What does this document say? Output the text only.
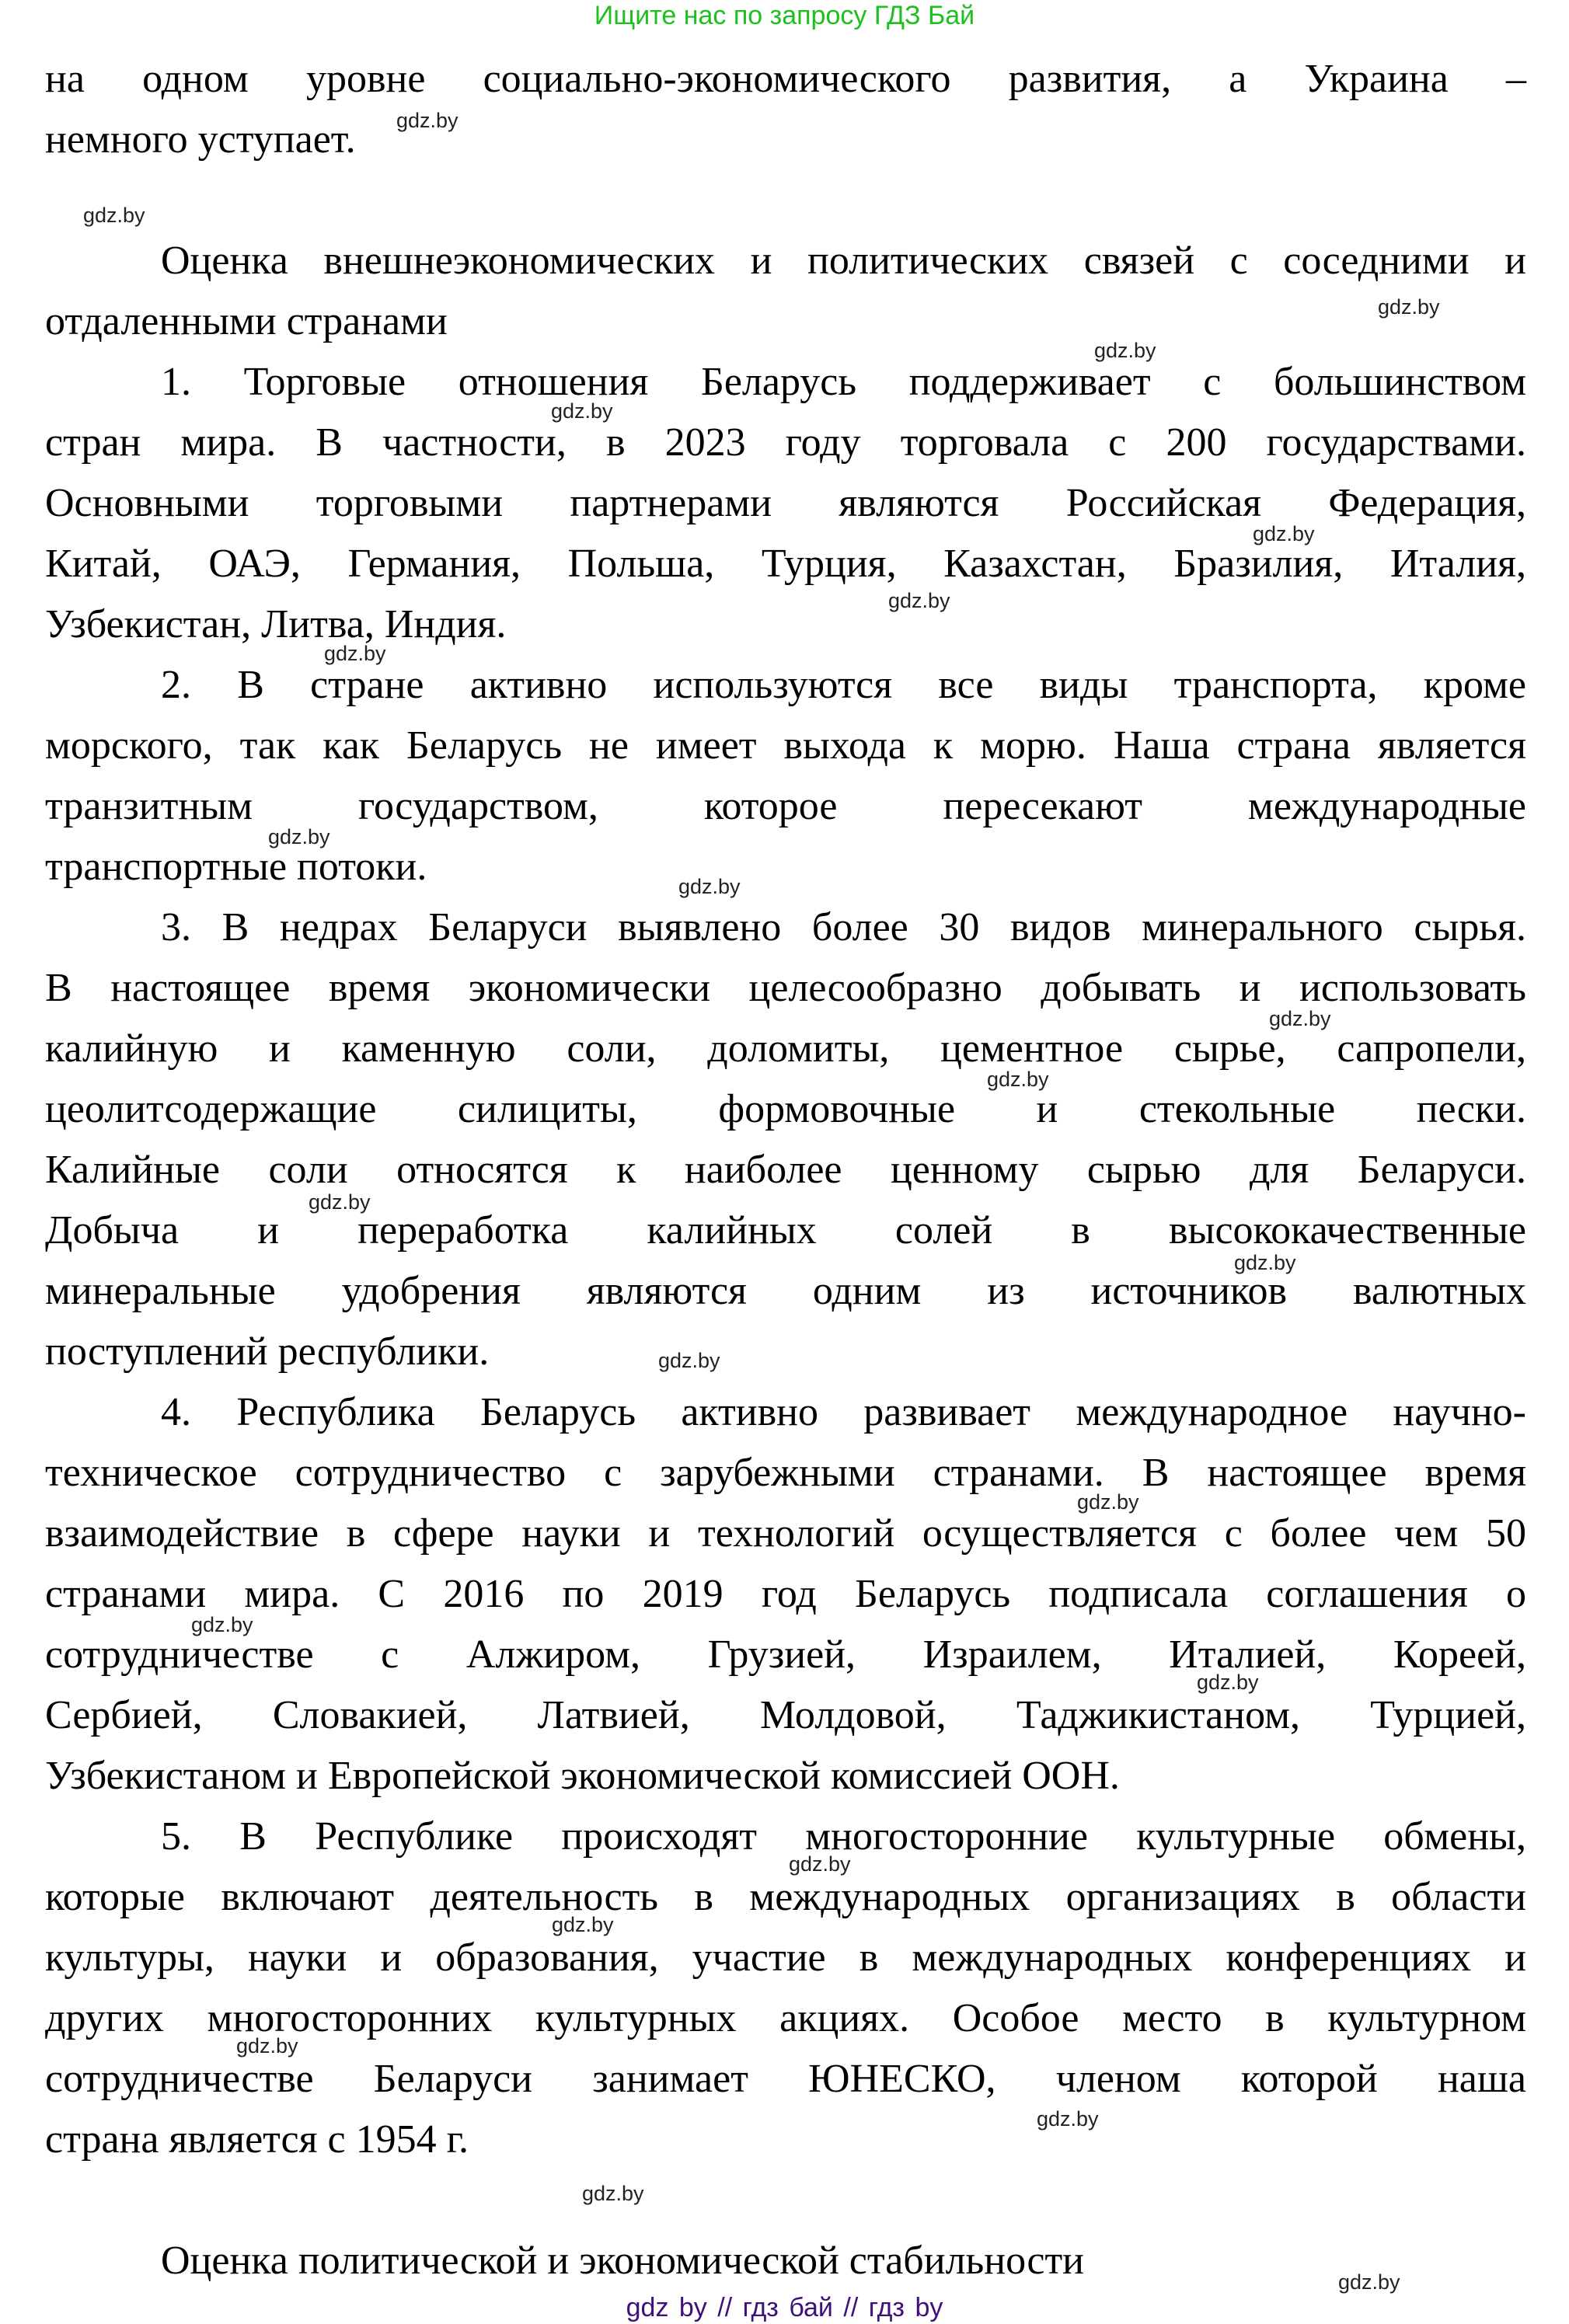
Ищите нас по запросу ГДЗ Бай
на одном уровне социально-экономического развития, а Украина –
немного уступает.
Оценка внешнеэкономических и политических связей с соседними и
отдаленными странами
1. Торговые отношения Беларусь поддерживает с большинством
стран мира. В частности, в 2023 году торговала с 200 государствами.
Основными торговыми партнерами являются Российская Федерация,
Китай, ОАЭ, Германия, Польша, Турция, Казахстан, Бразилия, Италия,
Узбекистан, Литва, Индия.
2. В стране активно используются все виды транспорта, кроме
морского, так как Беларусь не имеет выхода к морю. Наша страна является
транзитным государством, которое пересекают международные
транспортные потоки.
3. В недрах Беларуси выявлено более 30 видов минерального сырья.
В настоящее время экономически целесообразно добывать и использовать
калийную и каменную соли, доломиты, цементное сырье, сапропели,
цеолитсодержащие силициты, формовочные и стекольные пески.
Калийные соли относятся к наиболее ценному сырью для Беларуси.
Добыча и переработка калийных солей в высококачественные
минеральные удобрения являются одним из источников валютных
поступлений республики.
4. Республика Беларусь активно развивает международное научно-
техническое сотрудничество с зарубежными странами. В настоящее время
взаимодействие в сфере науки и технологий осуществляется с более чем 50
странами мира. С 2016 по 2019 год Беларусь подписала соглашения о
сотрудничестве с Алжиром, Грузией, Израилем, Италией, Кореей,
Сербией, Словакией, Латвией, Молдовой, Таджикистаном, Турцией,
Узбекистаном и Европейской экономической комиссией ООН.
5. В Республике происходят многосторонние культурные обмены,
которые включают деятельность в международных организациях в области
культуры, науки и образования, участие в международных конференциях и
других многосторонних культурных акциях. Особое место в культурном
сотрудничестве Беларуси занимает ЮНЕСКО, членом которой наша
страна является с 1954 г.
Оценка политической и экономической стабильности
gdz.by
gdz.by
gdz.by
gdz.by
gdz.by
gdz.by
gdz.by
gdz.by
gdz.by
gdz.by
gdz.by
gdz.by
gdz.by
gdz.by
gdz.by
gdz.by
gdz.by
gdz.by
gdz.by
gdz.by
gdz.by
gdz.by
gdz.by
gdz.by
gdz by // гдз бай // гдз by
